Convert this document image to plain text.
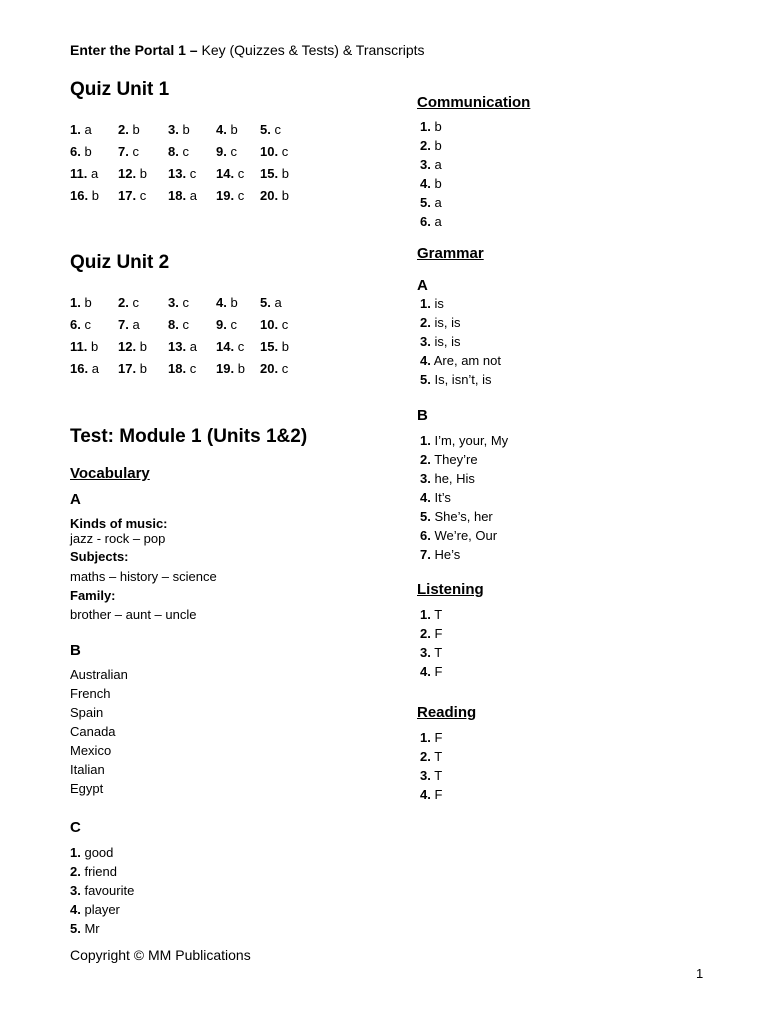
Enter the Portal 1 – Key (Quizzes & Tests) & Transcripts
Quiz Unit 1
1. a 2. b 3. b 4. b 5. c
6. b 7. c 8. c 9. c 10. c
11. a 12. b 13. c 14. c 15. b
16. b 17. c 18. a 19. c 20. b
Quiz Unit 2
1. b 2. c 3. c 4. b 5. a
6. c 7. a 8. c 9. c 10. c
11. b 12. b 13. a 14. c 15. b
16. a 17. b 18. c 19. b 20. c
Test: Module 1 (Units 1&2)
Vocabulary
A
Kinds of music:
jazz - rock – pop
Subjects:
maths – history – science
Family:
brother – aunt – uncle
B
Australian
French
Spain
Canada
Mexico
Italian
Egypt
C
1. good
2. friend
3. favourite
4. player
5. Mr
Communication
1. b
2. b
3. a
4. b
5. a
6. a
Grammar
A
1. is
2. is, is
3. is, is
4. Are, am not
5. Is, isn’t, is
B
1. I’m, your, My
2. They’re
3. he, His
4. It’s
5. She’s, her
6. We’re, Our
7. He’s
Listening
1. T
2. F
3. T
4. F
Reading
1. F
2. T
3. T
4. F
Copyright © MM Publications
1
